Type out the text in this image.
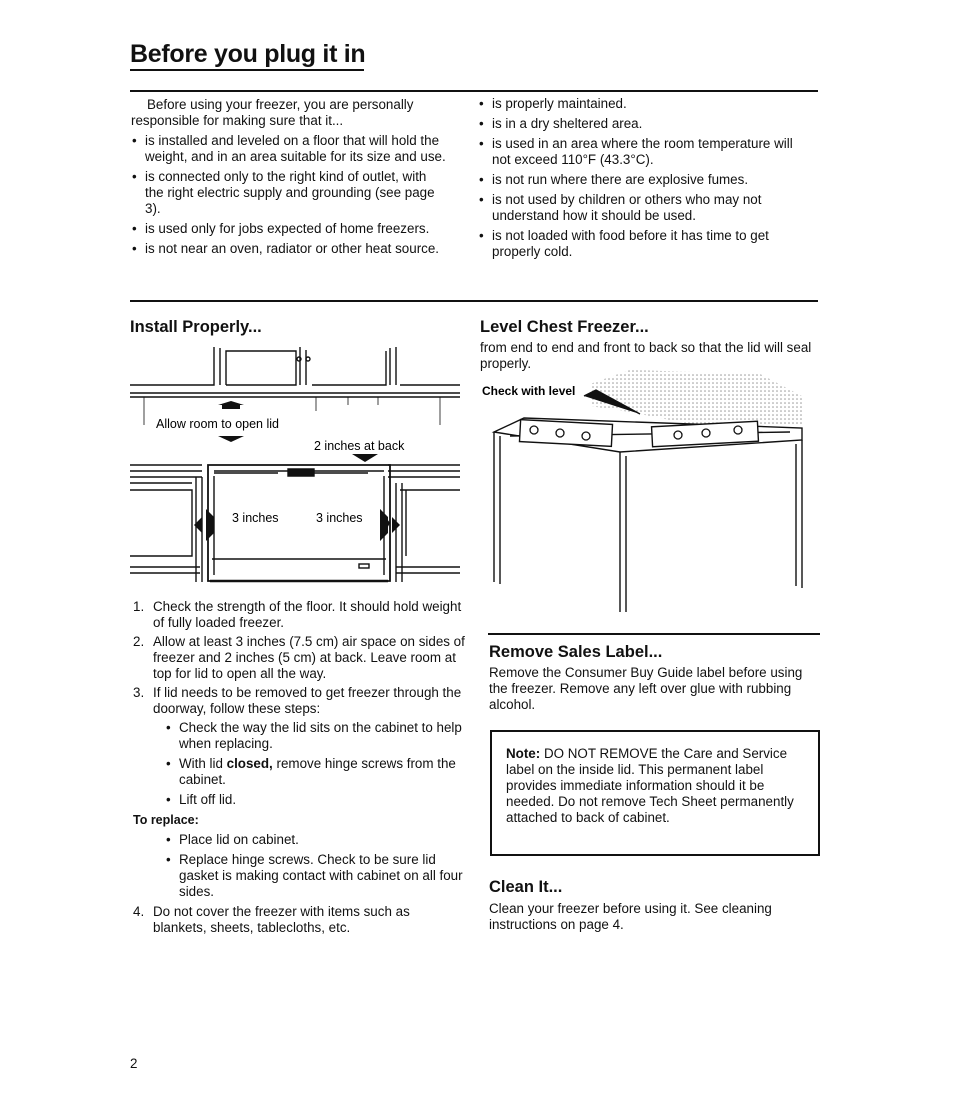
Before you plug it in

Before using your freezer, you are personally responsible for making sure that it...

• is installed and leveled on a floor that will hold the weight, and in an area suitable for its size and use.
• is connected only to the right kind of outlet, with the right electric supply and grounding (see page 3).
• is used only for jobs expected of home freezers.
• is not near an oven, radiator or other heat source.
• is properly maintained.
• is in a dry sheltered area.
• is used in an area where the room temperature will not exceed 110°F (43.3°C).
• is not run where there are explosive fumes.
• is not used by children or others who may not understand how it should be used.
• is not loaded with food before it has time to get properly cold.
Install Properly...
Allow room to open lid
2 inches at back
3 inches	3 inches
1. Check the strength of the floor. It should hold weight of fully loaded freezer.
2. Allow at least 3 inches (7.5 cm) air space on sides of freezer and 2 inches (5 cm) at back. Leave room at top for lid to open all the way.
3. If lid needs to be removed to get freezer through the doorway, follow these steps:
• Check the way the lid sits on the cabinet to help when replacing.
• With lid closed, remove hinge screws from the cabinet.
• Lift off lid.
To replace:
• Place lid on cabinet.
• Replace hinge screws. Check to be sure lid gasket is making contact with cabinet on all four sides.
4. Do not cover the freezer with items such as blankets, sheets, tablecloths, etc.
Level Chest Freezer...
from end to end and front to back so that the lid will seal properly.
Check with level
Remove Sales Label...
Remove the Consumer Buy Guide label before using the freezer. Remove any left over glue with rubbing alcohol.
Note: DO NOT REMOVE the Care and Service label on the inside lid. This permanent label provides immediate information should it be needed. Do not remove Tech Sheet permanently attached to back of cabinet.
Clean It...
Clean your freezer before using it. See cleaning instructions on page 4.
2
